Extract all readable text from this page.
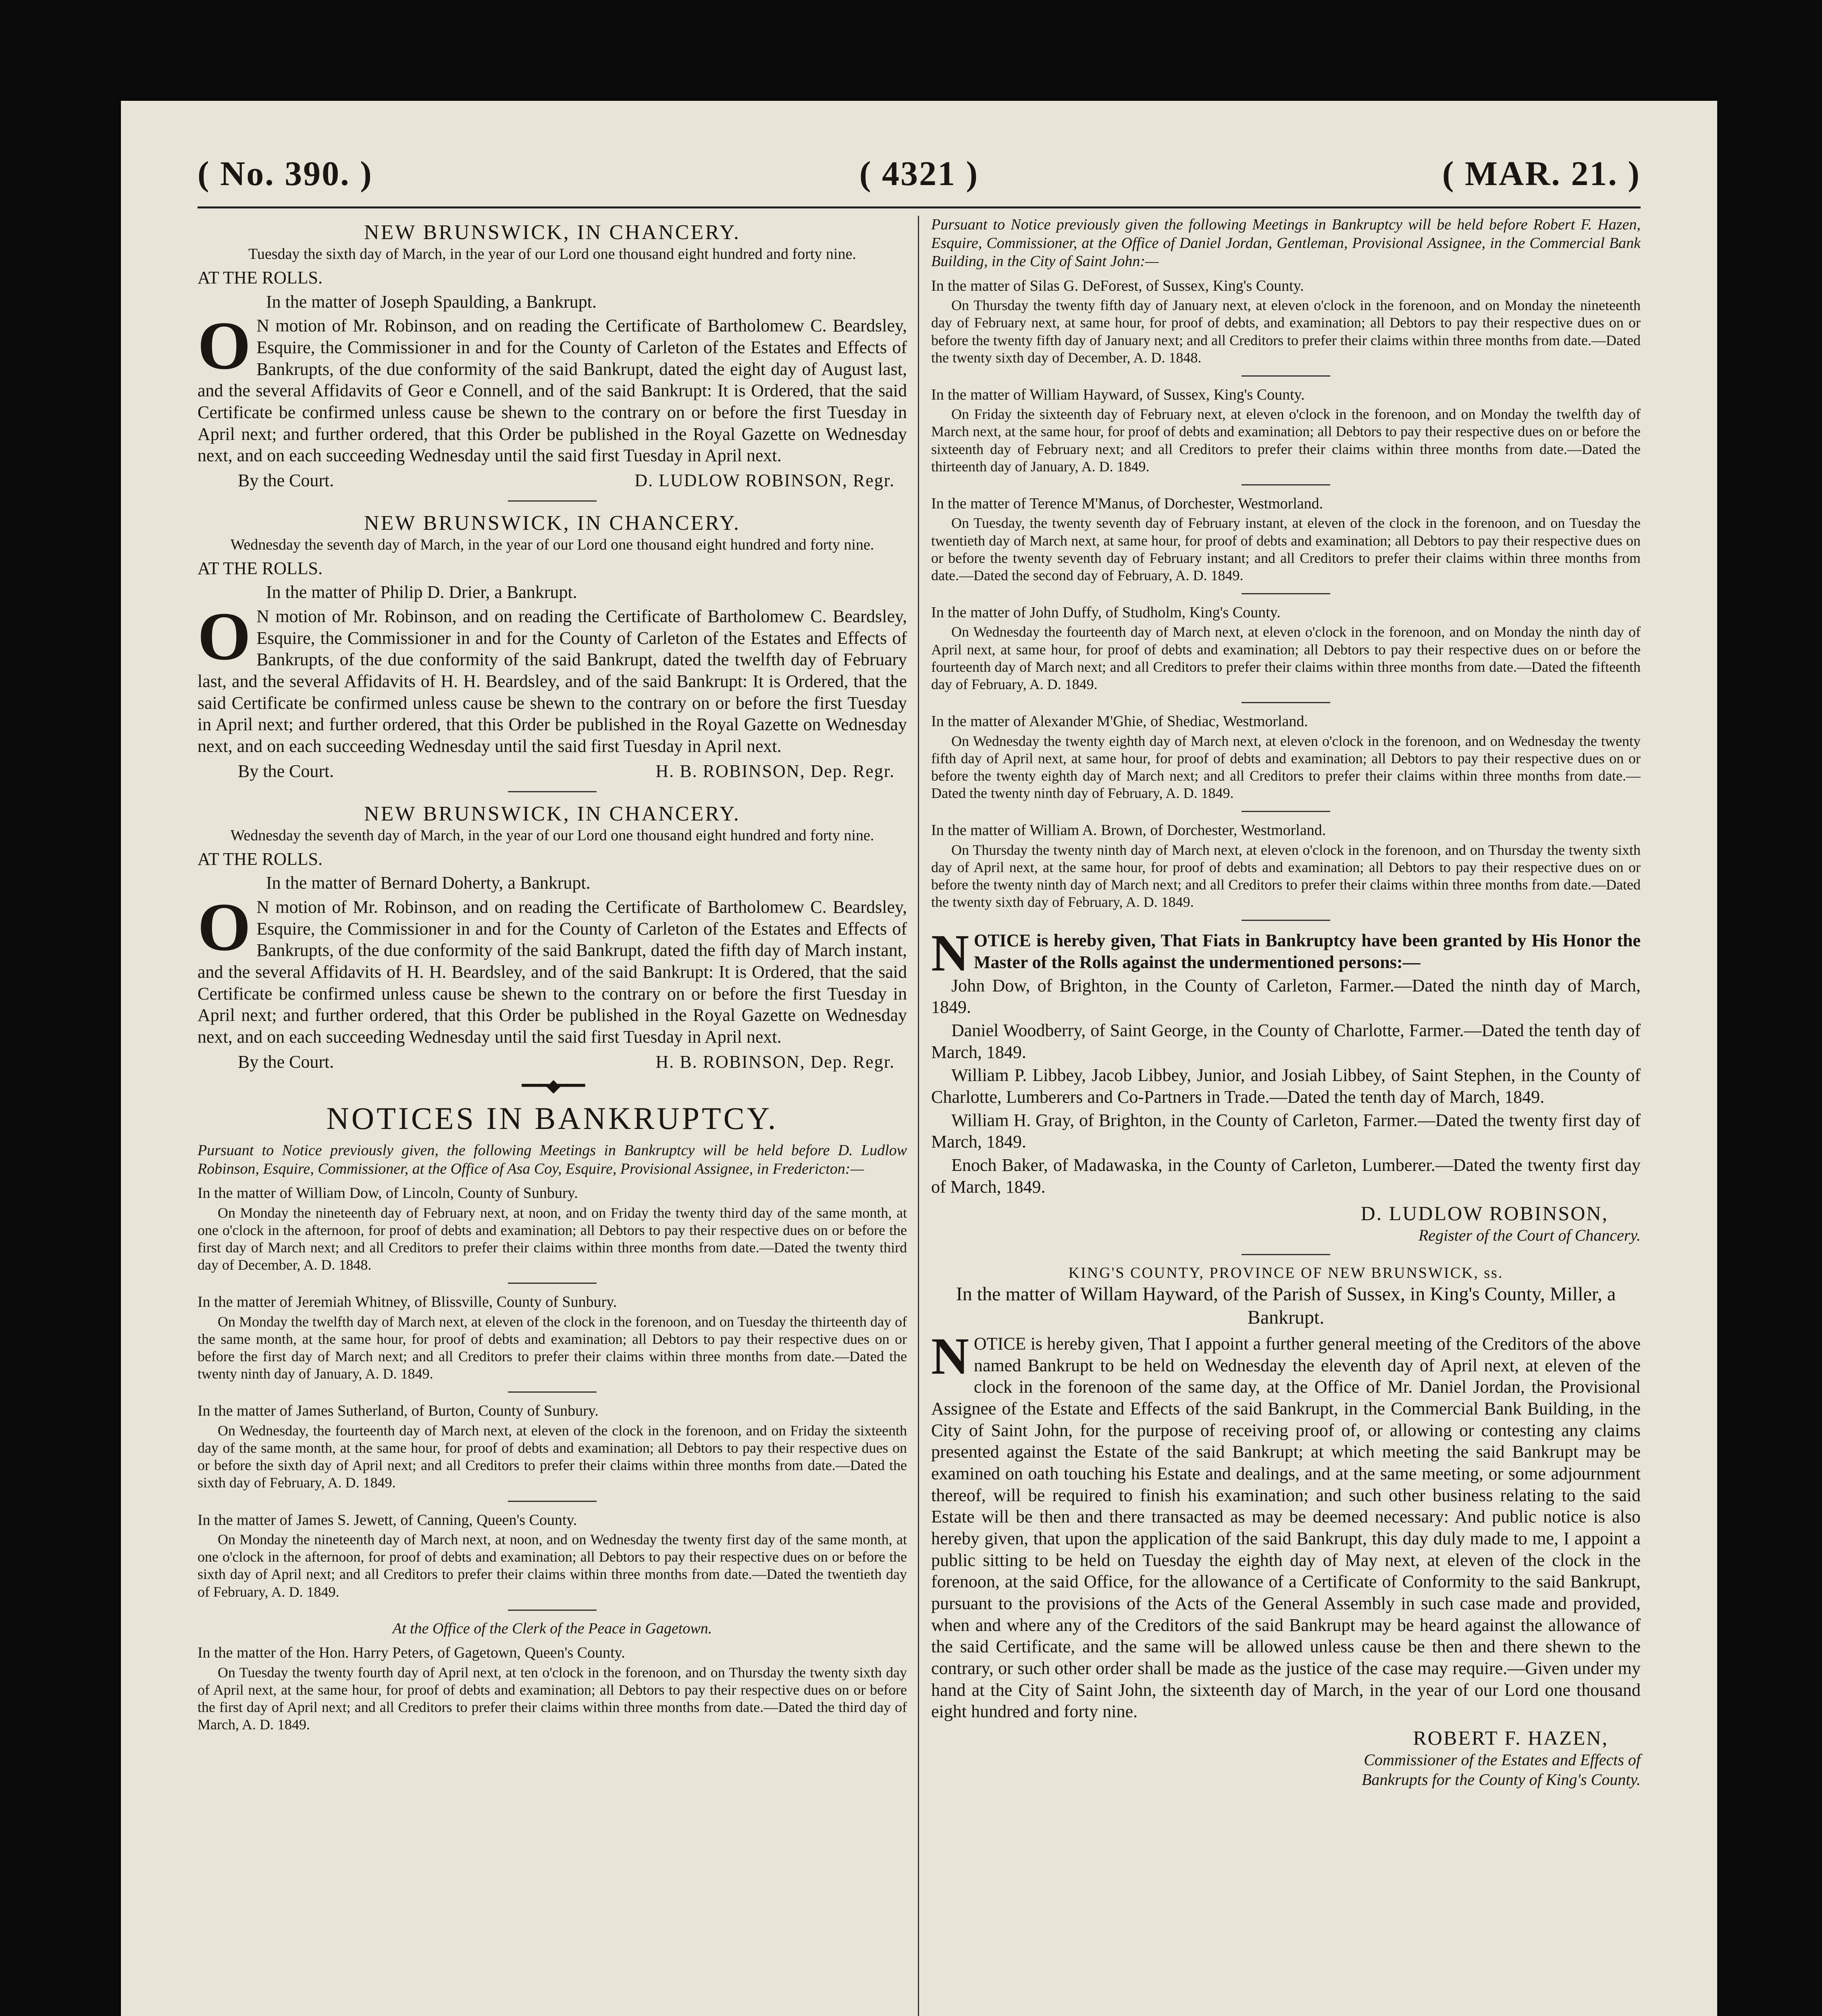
( No. 390. )	( 4321 )	( MAR. 21. )
NEW BRUNSWICK, IN CHANCERY.
Tuesday the sixth day of March, in the year of our Lord one thousand eight hundred and forty nine.
AT THE ROLLS.
In the matter of Joseph Spaulding, a Bankrupt.
O N motion of Mr. Robinson, and on reading the Certificate of Bartholomew C. Beardsley, Esquire, the Commissioner in and for the County of Carleton of the Estates and Effects of Bankrupts, of the due conformity of the said Bankrupt, dated the eight day of August last, and the several Affidavits of Geor e Connell, and of the said Bankrupt: It is Ordered, that the said Certificate be confirmed unless cause be shewn to the contrary on or before the first Tuesday in April next; and further ordered, that this Order be published in the Royal Gazette on Wednesday next, and on each succeeding Wednesday until the said first Tuesday in April next.
By the Court.	D. LUDLOW ROBINSON, Regr.
NEW BRUNSWICK, IN CHANCERY.
Wednesday the seventh day of March, in the year of our Lord one thousand eight hundred and forty nine.
AT THE ROLLS.
In the matter of Philip D. Drier, a Bankrupt.
O N motion of Mr. Robinson, and on reading the Certificate of Bartholomew C. Beardsley, Esquire, the Commissioner in and for the County of Carleton of the Estates and Effects of Bankrupts, of the due conformity of the said Bankrupt, dated the twelfth day of February last, and the several Affidavits of H. H. Beardsley, and of the said Bankrupt: It is Ordered, that the said Certificate be confirmed unless cause be shewn to the contrary on or before the first Tuesday in April next; and further ordered, that this Order be published in the Royal Gazette on Wednesday next, and on each succeeding Wednesday until the said first Tuesday in April next.
By the Court.	H. B. ROBINSON, Dep. Regr.
NEW BRUNSWICK, IN CHANCERY.
Wednesday the seventh day of March, in the year of our Lord one thousand eight hundred and forty nine.
AT THE ROLLS.
In the matter of Bernard Doherty, a Bankrupt.
O N motion of Mr. Robinson, and on reading the Certificate of Bartholomew C. Beardsley, Esquire, the Commissioner in and for the County of Carleton of the Estates and Effects of Bankrupts, of the due conformity of the said Bankrupt, dated the fifth day of March instant, and the several Affidavits of H. H. Beardsley, and of the said Bankrupt: It is Ordered, that the said Certificate be confirmed unless cause be shewn to the contrary on or before the first Tuesday in April next; and further ordered, that this Order be published in the Royal Gazette on Wednesday next, and on each succeeding Wednesday until the said first Tuesday in April next.
By the Court.	H. B. ROBINSON, Dep. Regr.
━━━◆━━━
NOTICES IN BANKRUPTCY.
Pursuant to Notice previously given, the following Meetings in Bankruptcy will be held before D. Ludlow Robinson, Esquire, Commissioner, at the Office of Asa Coy, Esquire, Provisional Assignee, in Fredericton:—
In the matter of William Dow, of Lincoln, County of Sunbury.
On Monday the nineteenth day of February next, at noon, and on Friday the twenty third day of the same month, at one o'clock in the afternoon, for proof of debts and examination; all Debtors to pay their respective dues on or before the first day of March next; and all Creditors to prefer their claims within three months from date.—Dated the twenty third day of December, A. D. 1848.
In the matter of Jeremiah Whitney, of Blissville, County of Sunbury.
On Monday the twelfth day of March next, at eleven of the clock in the forenoon, and on Tuesday the thirteenth day of the same month, at the same hour, for proof of debts and examination; all Debtors to pay their respective dues on or before the first day of March next; and all Creditors to prefer their claims within three months from date.—Dated the twenty ninth day of January, A. D. 1849.
In the matter of James Sutherland, of Burton, County of Sunbury.
On Wednesday, the fourteenth day of March next, at eleven of the clock in the forenoon, and on Friday the sixteenth day of the same month, at the same hour, for proof of debts and examination; all Debtors to pay their respective dues on or before the sixth day of April next; and all Creditors to prefer their claims within three months from date.—Dated the sixth day of February, A. D. 1849.
In the matter of James S. Jewett, of Canning, Queen's County.
On Monday the nineteenth day of March next, at noon, and on Wednesday the twenty first day of the same month, at one o'clock in the afternoon, for proof of debts and examination; all Debtors to pay their respective dues on or before the sixth day of April next; and all Creditors to prefer their claims within three months from date.—Dated the twentieth day of February, A. D. 1849.
At the Office of the Clerk of the Peace in Gagetown.
In the matter of the Hon. Harry Peters, of Gagetown, Queen's County.
On Tuesday the twenty fourth day of April next, at ten o'clock in the forenoon, and on Thursday the twenty sixth day of April next, at the same hour, for proof of debts and examination; all Debtors to pay their respective dues on or before the first day of April next; and all Creditors to prefer their claims within three months from date.—Dated the third day of March, A. D. 1849.
Pursuant to Notice previously given the following Meetings in Bankruptcy will be held before Robert F. Hazen, Esquire, Commissioner, at the Office of Daniel Jordan, Gentleman, Provisional Assignee, in the Commercial Bank Building, in the City of Saint John:—
In the matter of Silas G. DeForest, of Sussex, King's County.
On Thursday the twenty fifth day of January next, at eleven o'clock in the forenoon, and on Monday the nineteenth day of February next, at same hour, for proof of debts, and examination; all Debtors to pay their respective dues on or before the twenty fifth day of January next; and all Creditors to prefer their claims within three months from date.—Dated the twenty sixth day of December, A. D. 1848.
In the matter of William Hayward, of Sussex, King's County.
On Friday the sixteenth day of February next, at eleven o'clock in the forenoon, and on Monday the twelfth day of March next, at the same hour, for proof of debts and examination; all Debtors to pay their respective dues on or before the sixteenth day of February next; and all Creditors to prefer their claims within three months from date.—Dated the thirteenth day of January, A. D. 1849.
In the matter of Terence M'Manus, of Dorchester, Westmorland.
On Tuesday, the twenty seventh day of February instant, at eleven of the clock in the forenoon, and on Tuesday the twentieth day of March next, at same hour, for proof of debts and examination; all Debtors to pay their respective dues on or before the twenty seventh day of February instant; and all Creditors to prefer their claims within three months from date.—Dated the second day of February, A. D. 1849.
In the matter of John Duffy, of Studholm, King's County.
On Wednesday the fourteenth day of March next, at eleven o'clock in the forenoon, and on Monday the ninth day of April next, at same hour, for proof of debts and examination; all Debtors to pay their respective dues on or before the fourteenth day of March next; and all Creditors to prefer their claims within three months from date.—Dated the fifteenth day of February, A. D. 1849.
In the matter of Alexander M'Ghie, of Shediac, Westmorland.
On Wednesday the twenty eighth day of March next, at eleven o'clock in the forenoon, and on Wednesday the twenty fifth day of April next, at same hour, for proof of debts and examination; all Debtors to pay their respective dues on or before the twenty eighth day of March next; and all Creditors to prefer their claims within three months from date.—Dated the twenty ninth day of February, A. D. 1849.
In the matter of William A. Brown, of Dorchester, Westmorland.
On Thursday the twenty ninth day of March next, at eleven o'clock in the forenoon, and on Thursday the twenty sixth day of April next, at the same hour, for proof of debts and examination; all Debtors to pay their respective dues on or before the twenty ninth day of March next; and all Creditors to prefer their claims within three months from date.—Dated the twenty sixth day of February, A. D. 1849.
NOTICE is hereby given, That Fiats in Bankruptcy have been granted by His Honor the Master of the Rolls against the undermentioned persons:—
John Dow, of Brighton, in the County of Carleton, Farmer.—Dated the ninth day of March, 1849.
Daniel Woodberry, of Saint George, in the County of Charlotte, Farmer.—Dated the tenth day of March, 1849.
William P. Libbey, Jacob Libbey, Junior, and Josiah Libbey, of Saint Stephen, in the County of Charlotte, Lumberers and Co-Partners in Trade.—Dated the tenth day of March, 1849.
William H. Gray, of Brighton, in the County of Carleton, Farmer.—Dated the twenty first day of March, 1849.
Enoch Baker, of Madawaska, in the County of Carleton, Lumberer.—Dated the twenty first day of March, 1849.
D. LUDLOW ROBINSON,
Register of the Court of Chancery.
KING'S COUNTY, PROVINCE OF NEW BRUNSWICK, ss.
In the matter of Willam Hayward, of the Parish of Sussex, in King's County, Miller, a Bankrupt.
NOTICE is hereby given, That I appoint a further general meeting of the Creditors of the above named Bankrupt to be held on Wednesday the eleventh day of April next, at eleven of the clock in the forenoon of the same day, at the Office of Mr. Daniel Jordan, the Provisional Assignee of the Estate and Effects of the said Bankrupt, in the Commercial Bank Building, in the City of Saint John, for the purpose of receiving proof of, or allowing or contesting any claims presented against the Estate of the said Bankrupt; at which meeting the said Bankrupt may be examined on oath touching his Estate and dealings, and at the same meeting, or some adjournment thereof, will be required to finish his examination; and such other business relating to the said Estate will be then and there transacted as may be deemed necessary: And public notice is also hereby given, that upon the application of the said Bankrupt, this day duly made to me, I appoint a public sitting to be held on Tuesday the eighth day of May next, at eleven of the clock in the forenoon, at the said Office, for the allowance of a Certificate of Conformity to the said Bankrupt, pursuant to the provisions of the Acts of the General Assembly in such case made and provided, when and where any of the Creditors of the said Bankrupt may be heard against the allowance of the said Certificate, and the same will be allowed unless cause be then and there shewn to the contrary, or such other order shall be made as the justice of the case may require.—Given under my hand at the City of Saint John, the sixteenth day of March, in the year of our Lord one thousand eight hundred and forty nine.
ROBERT F. HAZEN,
Commissioner of the Estates and Effects of
Bankrupts for the County of King's County.
